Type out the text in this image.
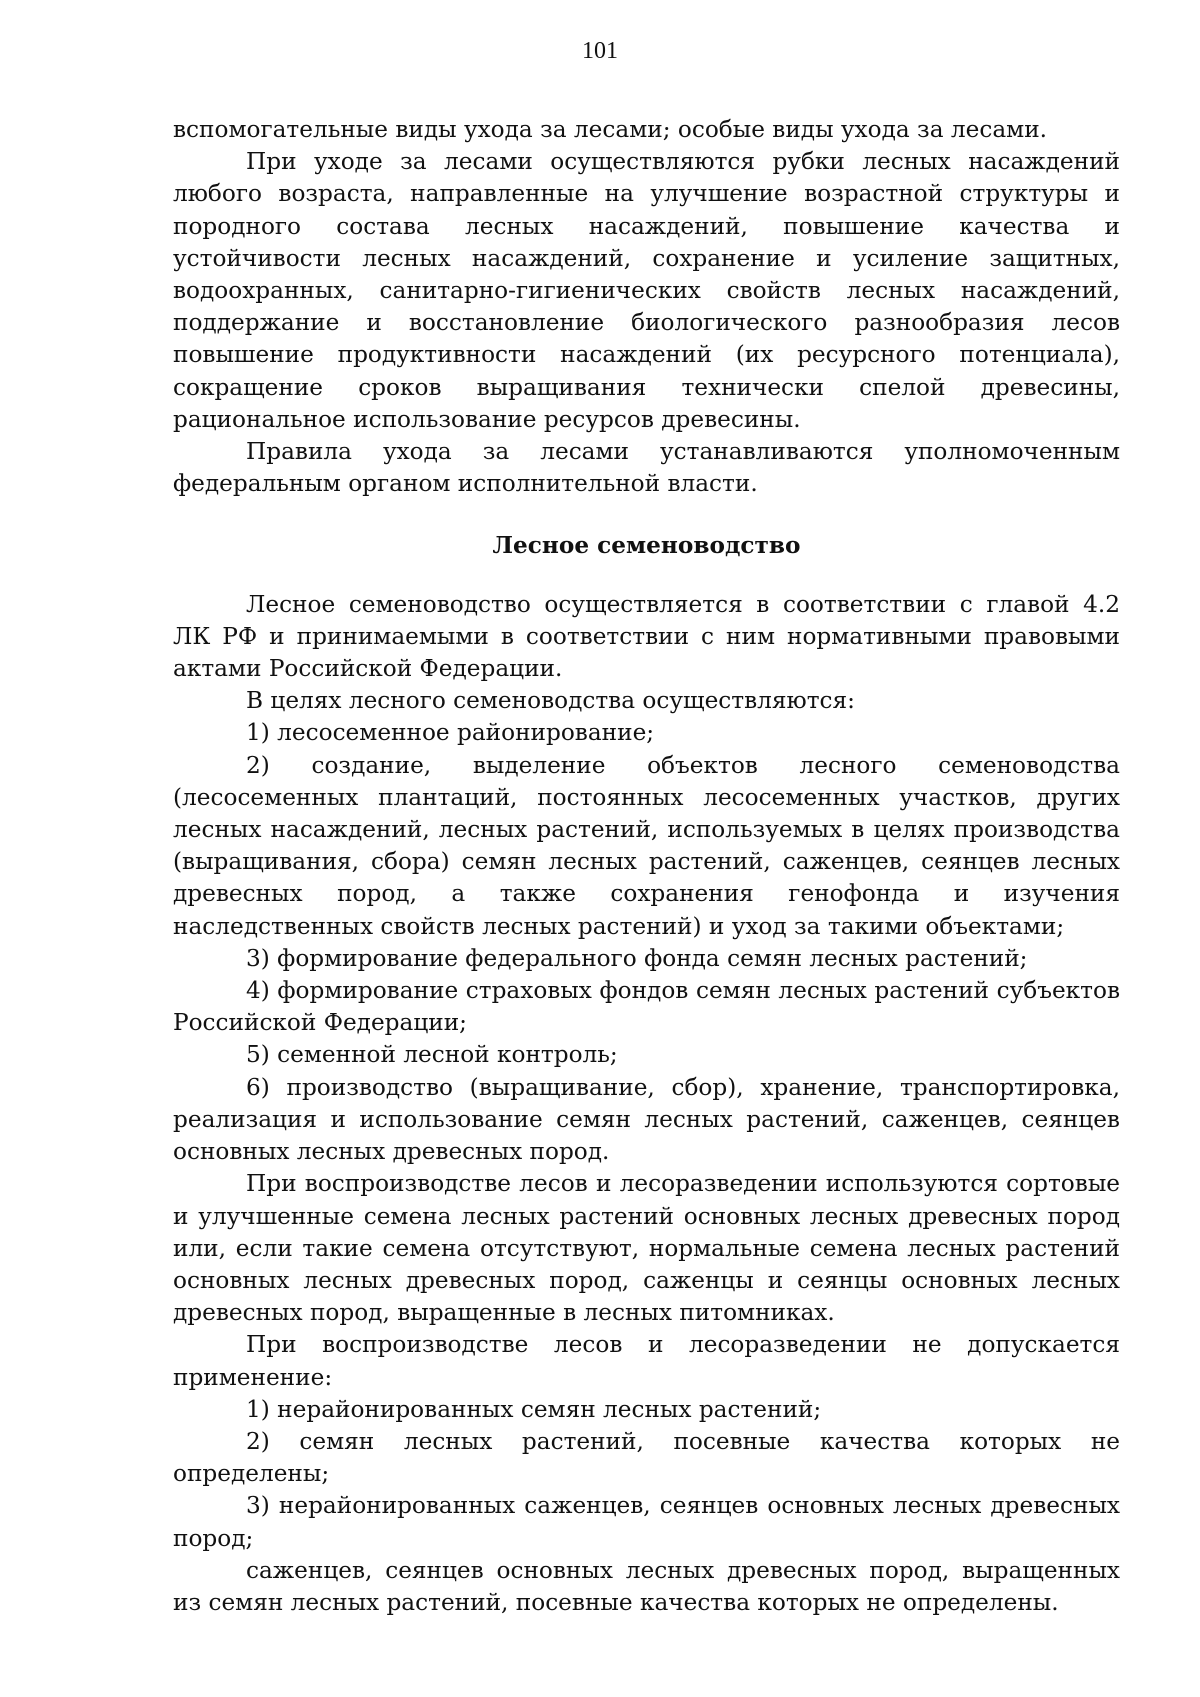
101

вспомогательные виды ухода за лесами; особые виды ухода за лесами.

При уходе за лесами осуществляются рубки лесных насаждений любого возраста, направленные на улучшение возрастной структуры и породного состава лесных насаждений, повышение качества и устойчивости лесных насаждений, сохранение и усиление защитных, водоохранных, санитарно-гигиенических свойств лесных насаждений, поддержание и восстановление биологического разнообразия лесов повышение продуктивности насаждений (их ресурсного потенциала), сокращение сроков выращивания технически спелой древесины, рациональное использование ресурсов древесины.

Правила ухода за лесами устанавливаются уполномоченным федеральным органом исполнительной власти.

Лесное семеноводство

Лесное семеноводство осуществляется в соответствии с главой 4.2 ЛК РФ и принимаемыми в соответствии с ним нормативными правовыми актами Российской Федерации.

В целях лесного семеноводства осуществляются:

1) лесосеменное районирование;

2) создание, выделение объектов лесного семеноводства (лесосеменных плантаций, постоянных лесосеменных участков, других лесных насаждений, лесных растений, используемых в целях производства (выращивания, сбора) семян лесных растений, саженцев, сеянцев лесных древесных пород, а также сохранения генофонда и изучения наследственных свойств лесных растений) и уход за такими объектами;

3) формирование федерального фонда семян лесных растений;

4) формирование страховых фондов семян лесных растений субъектов Российской Федерации;

5) семенной лесной контроль;

6) производство (выращивание, сбор), хранение, транспортировка, реализация и использование семян лесных растений, саженцев, сеянцев основных лесных древесных пород.

При воспроизводстве лесов и лесоразведении используются сортовые и улучшенные семена лесных растений основных лесных древесных пород или, если такие семена отсутствуют, нормальные семена лесных растений основных лесных древесных пород, саженцы и сеянцы основных лесных древесных пород, выращенные в лесных питомниках.

При воспроизводстве лесов и лесоразведении не допускается применение:

1) нерайонированных семян лесных растений;

2) семян лесных растений, посевные качества которых не определены;

3) нерайонированных саженцев, сеянцев основных лесных древесных пород;

саженцев, сеянцев основных лесных древесных пород, выращенных из семян лесных растений, посевные качества которых не определены.
